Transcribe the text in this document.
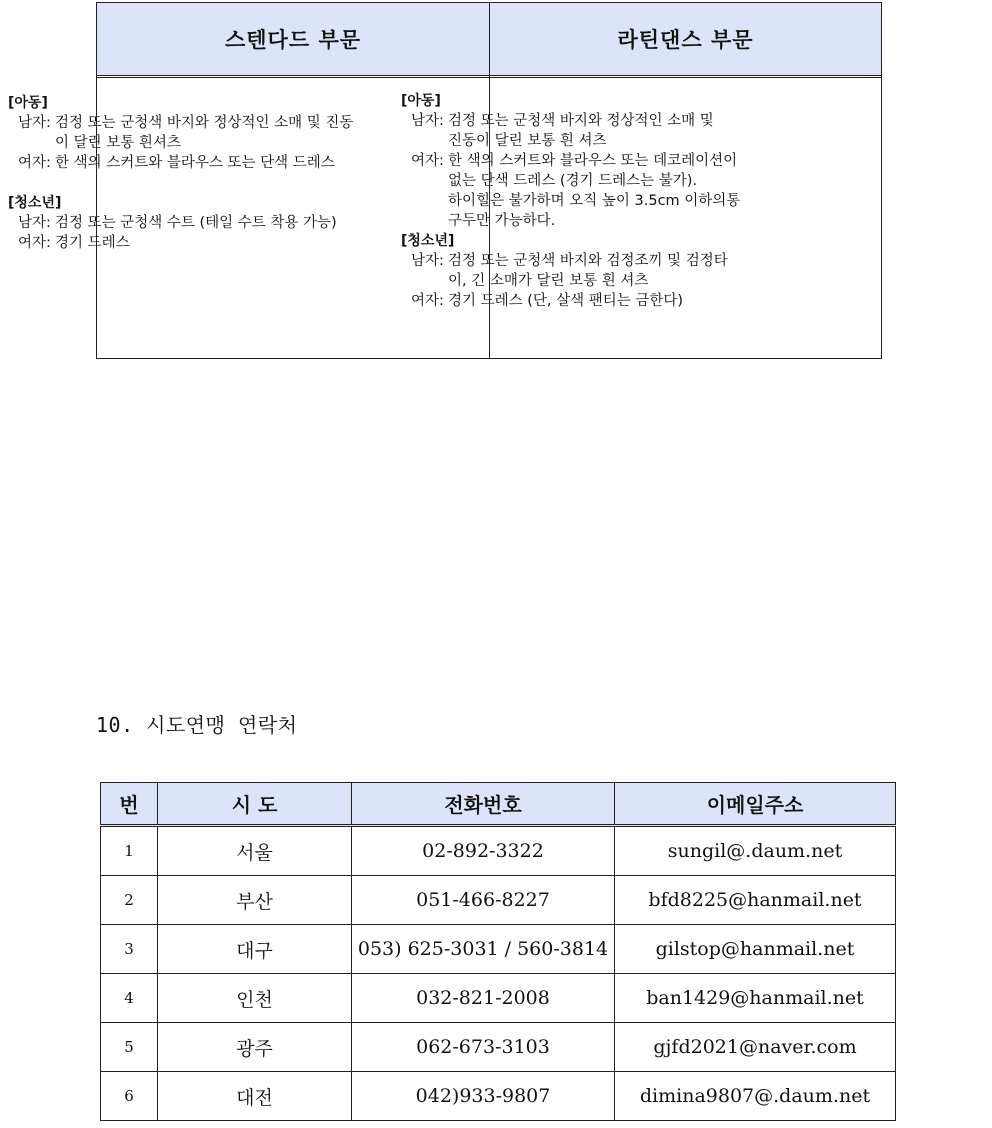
스텐다드 부문	라틴댄스 부문
[아동]
남자: 검정 또는 군청색 바지와 정상적인 소매 및 진동
이 달린 보통 흰셔츠
여자: 한 색의 스커트와 블라우스 또는 단색 드레스
[청소년]
남자: 검정 또는 군청색 수트 (테일 수트 착용 가능)
여자: 경기 드레스
[아동]
남자: 검정 또는 군청색 바지와 정상적인 소매 및
진동이 달린 보통 흰 셔츠
여자: 한 색의 스커트와 블라우스 또는 데코레이션이
없는 단색 드레스 (경기 드레스는 불가).
하이힐은 불가하며 오직 높이 3.5cm 이하의통
구두만 가능하다.
[청소년]
남자: 검정 또는 군청색 바지와 검정조끼 및 검정타
이, 긴 소매가 달린 보통 흰 셔츠
여자: 경기 드레스 (단, 살색 팬티는 금한다)
10. 시도연맹 연락처
번	시 도	전화번호	이메일주소
1	서울	02-892-3322	sungil@.daum.net
2	부산	051-466-8227	bfd8225@hanmail.net
3	대구	053) 625-3031 / 560-3814	gilstop@hanmail.net
4	인천	032-821-2008	ban1429@hanmail.net
5	광주	062-673-3103	gjfd2021@naver.com
6	대전	042)933-9807	dimina9807@.daum.net
